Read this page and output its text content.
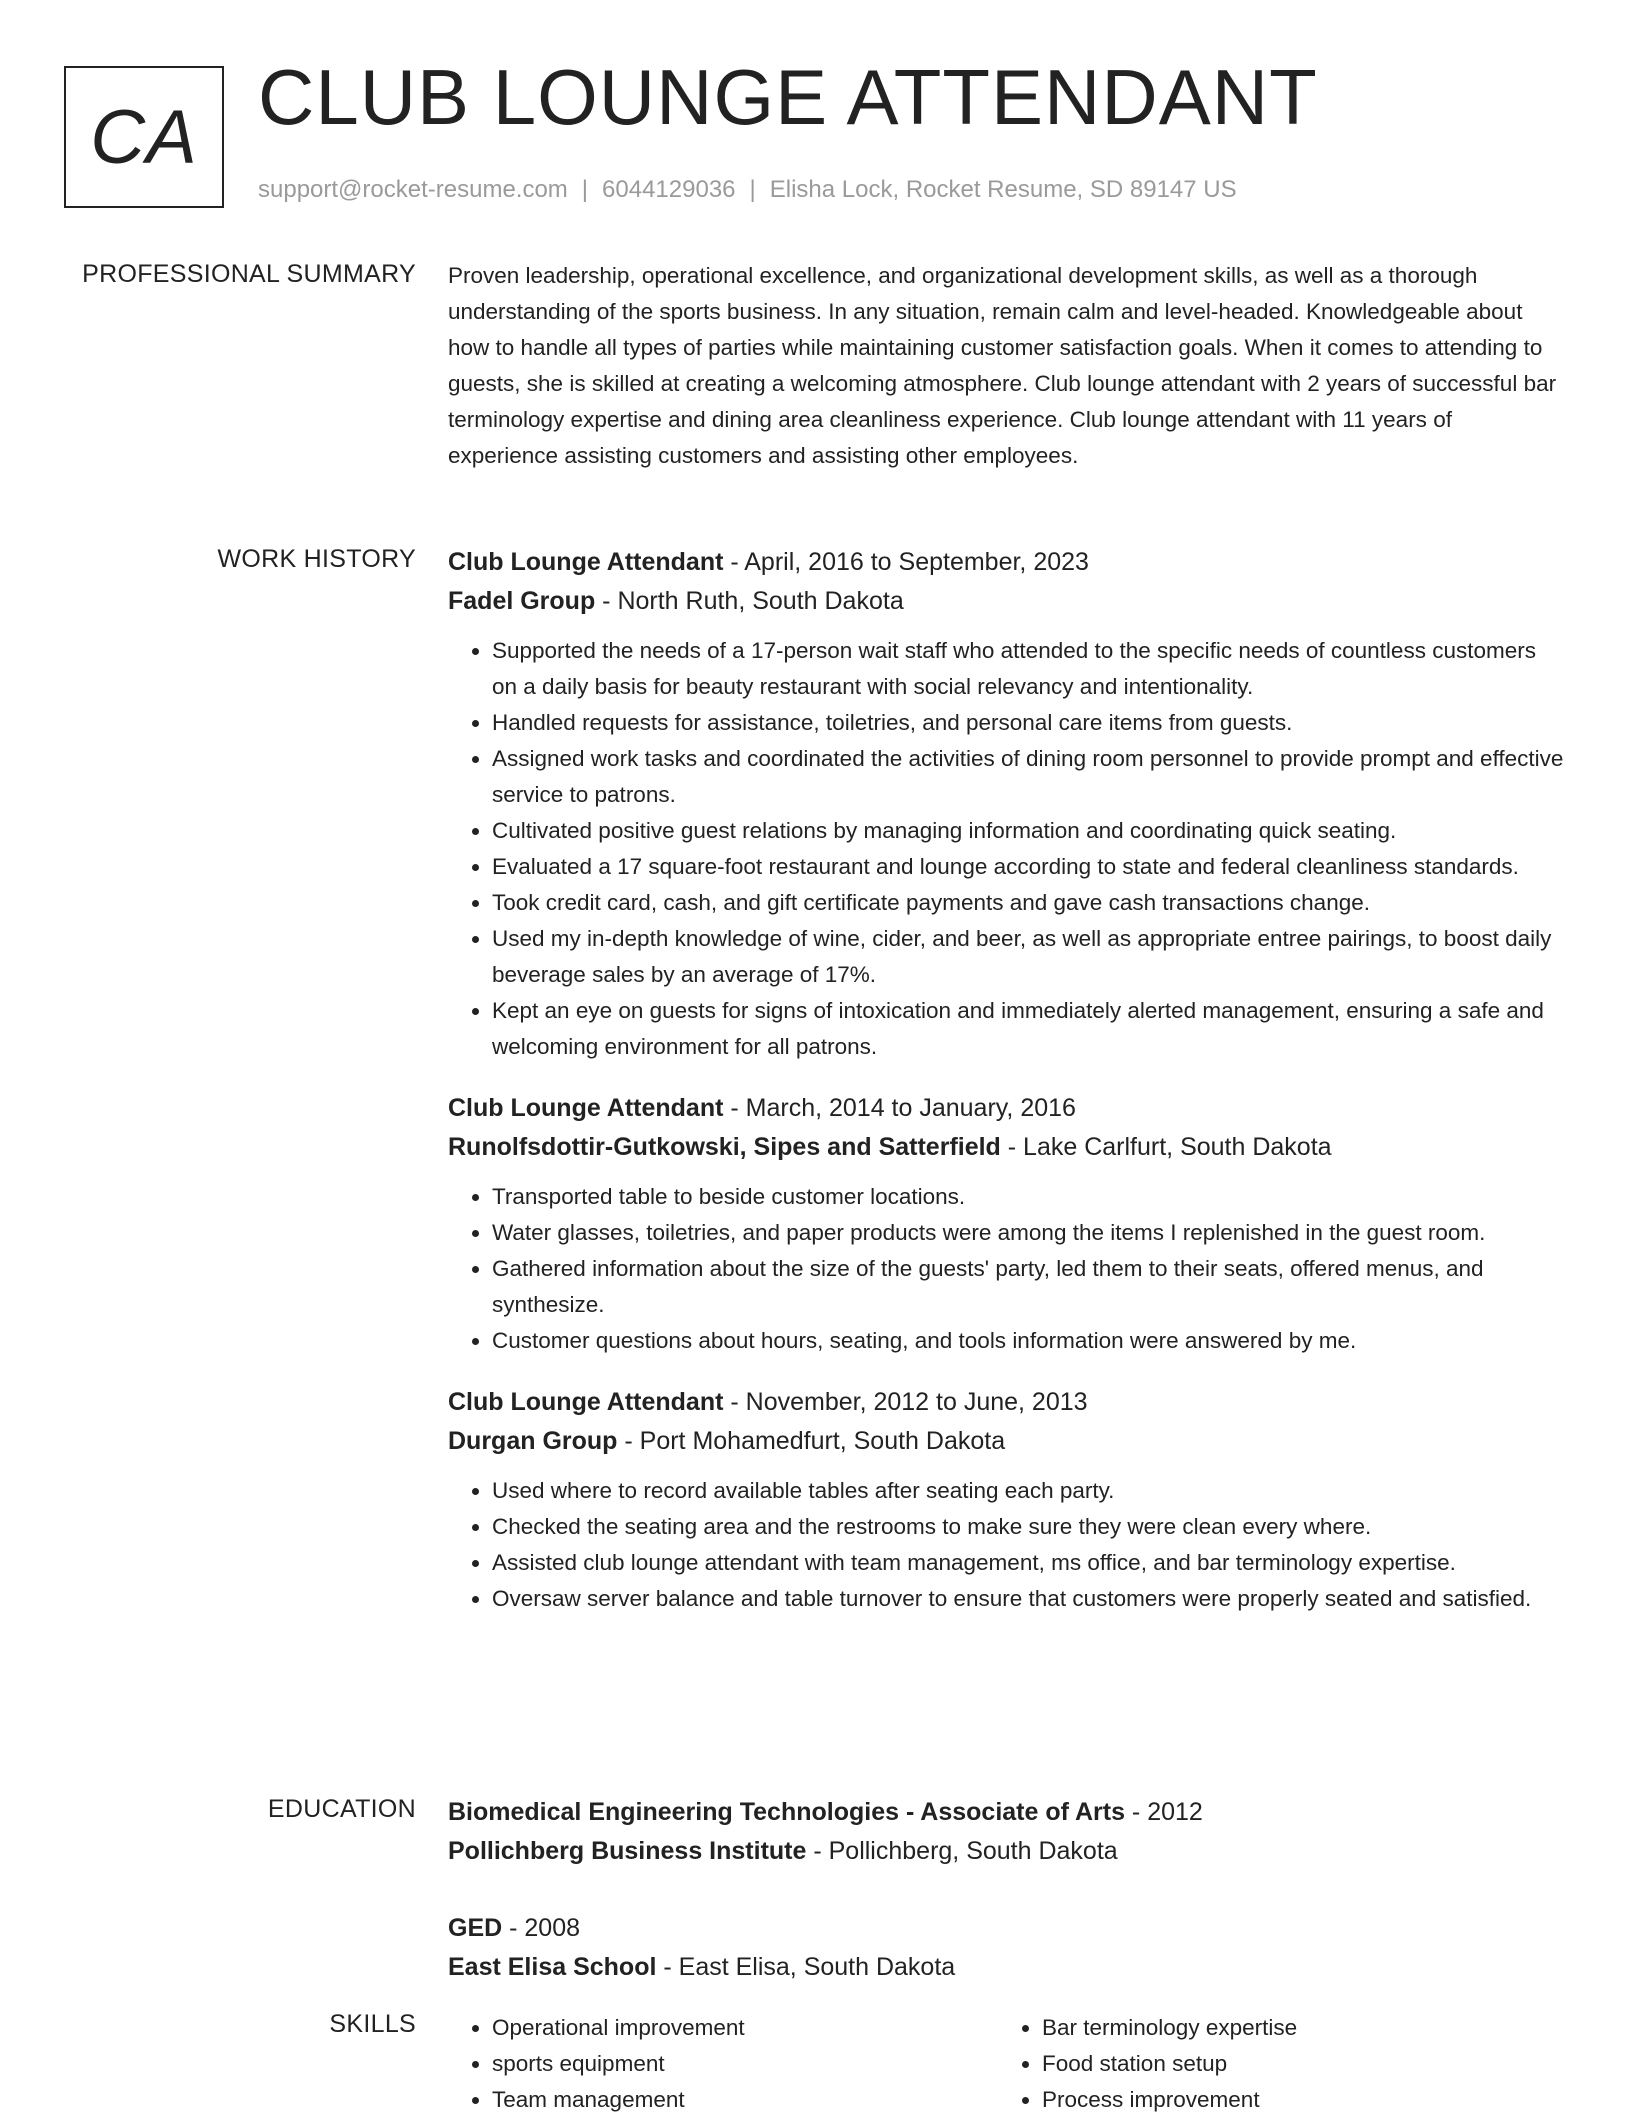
CA CLUB LOUNGE ATTENDANT
support@rocket-resume.com | 6044129036 | Elisha Lock, Rocket Resume, SD 89147 US
PROFESSIONAL SUMMARY Proven leadership, operational excellence, and organizational development skills, as well as a thorough understanding of the sports business. In any situation, remain calm and level-headed. Knowledgeable about how to handle all types of parties while maintaining customer satisfaction goals. When it comes to attending to guests, she is skilled at creating a welcoming atmosphere. Club lounge attendant with 2 years of successful bar terminology expertise and dining area cleanliness experience. Club lounge attendant with 11 years of experience assisting customers and assisting other employees.

WORK HISTORY Club Lounge Attendant - April, 2016 to September, 2023
Fadel Group - North Ruth, South Dakota
• Supported the needs of a 17-person wait staff who attended to the specific needs of countless customers on a daily basis for beauty restaurant with social relevancy and intentionality.
• Handled requests for assistance, toiletries, and personal care items from guests.
• Assigned work tasks and coordinated the activities of dining room personnel to provide prompt and effective service to patrons.
• Cultivated positive guest relations by managing information and coordinating quick seating.
• Evaluated a 17 square-foot restaurant and lounge according to state and federal cleanliness standards.
• Took credit card, cash, and gift certificate payments and gave cash transactions change.
• Used my in-depth knowledge of wine, cider, and beer, as well as appropriate entree pairings, to boost daily beverage sales by an average of 17%.
• Kept an eye on guests for signs of intoxication and immediately alerted management, ensuring a safe and welcoming environment for all patrons.
Club Lounge Attendant - March, 2014 to January, 2016
Runolfsdottir-Gutkowski, Sipes and Satterfield - Lake Carlfurt, South Dakota
• Transported table to beside customer locations.
• Water glasses, toiletries, and paper products were among the items I replenished in the guest room.
• Gathered information about the size of the guests' party, led them to their seats, offered menus, and synthesize.
• Customer questions about hours, seating, and tools information were answered by me.
Club Lounge Attendant - November, 2012 to June, 2013
Durgan Group - Port Mohamedfurt, South Dakota
• Used where to record available tables after seating each party.
• Checked the seating area and the restrooms to make sure they were clean every where.
• Assisted club lounge attendant with team management, ms office, and bar terminology expertise.
• Oversaw server balance and table turnover to ensure that customers were properly seated and satisfied.
EDUCATION Biomedical Engineering Technologies - Associate of Arts - 2012
Pollichberg Business Institute - Pollichberg, South Dakota
GED - 2008
East Elisa School - East Elisa, South Dakota
SKILLS
•	Operational improvement
• sports equipment
• Team management
• Bar terminology expertise
• Food station setup
• Process improvement
